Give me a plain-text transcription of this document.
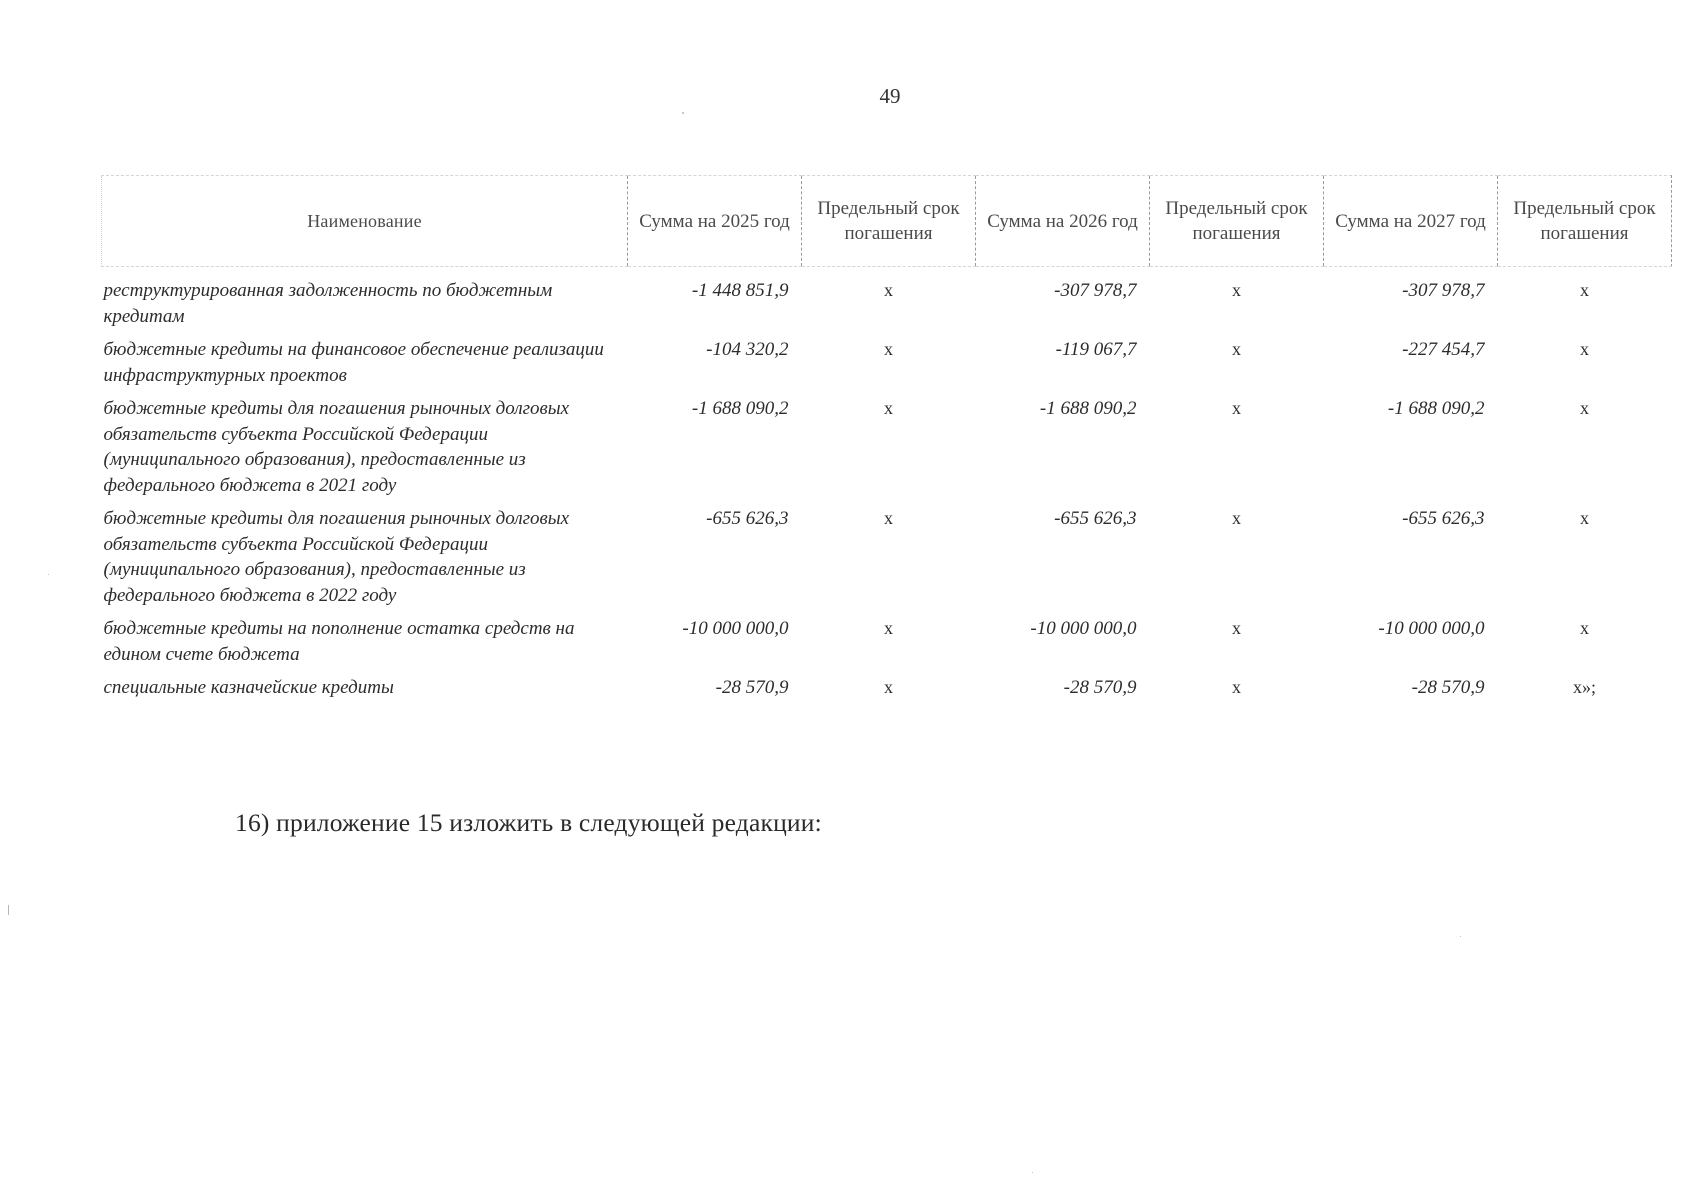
49
Наименование	Сумма на 2025 год	Предельный срок погашения	Сумма на 2026 год	Предельный срок погашения	Сумма на 2027 год	Предельный срок погашения
реструктурированная задолженность по бюджетным кредитам	-1 448 851,9	x	-307 978,7	x	-307 978,7	x
бюджетные кредиты на финансовое обеспечение реализации инфраструктурных проектов	-104 320,2	x	-119 067,7	x	-227 454,7	x
бюджетные кредиты для погашения рыночных долговых обязательств субъекта Российской Федерации (муниципального образования), предоставленные из федерального бюджета в 2021 году	-1 688 090,2	x	-1 688 090,2	x	-1 688 090,2	x
бюджетные кредиты для погашения рыночных долговых обязательств субъекта Российской Федерации (муниципального образования), предоставленные из федерального бюджета в 2022 году	-655 626,3	x	-655 626,3	x	-655 626,3	x
бюджетные кредиты на пополнение остатка средств на едином счете бюджета	-10 000 000,0	x	-10 000 000,0	x	-10 000 000,0	x
специальные казначейские кредиты	-28 570,9	x	-28 570,9	x	-28 570,9	x»;
16) приложение 15 изложить в следующей редакции:
